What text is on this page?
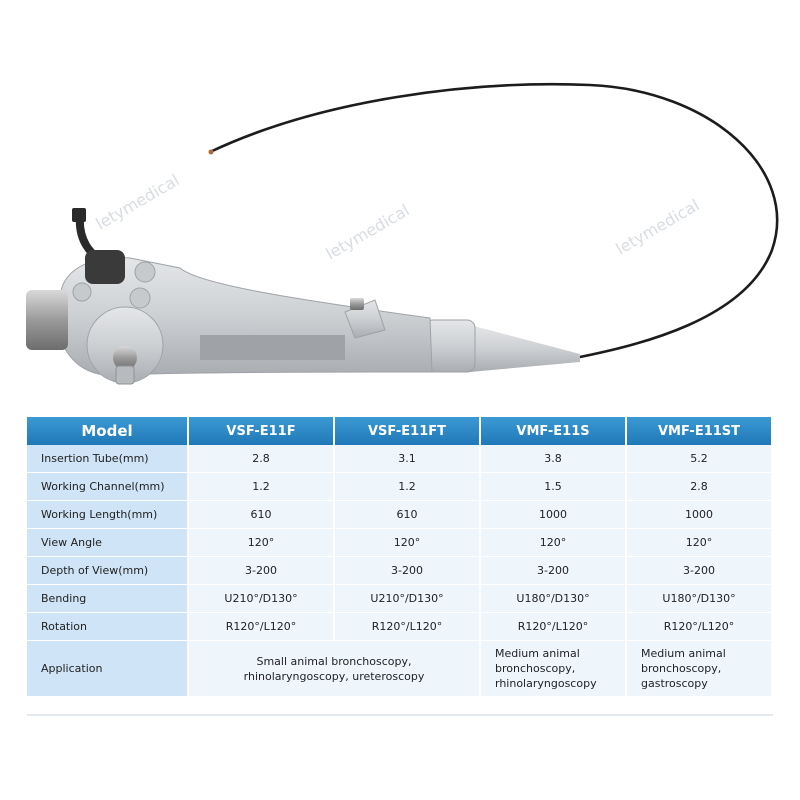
letymedical	letymedical
letymedical
Model	VSF-E11F	VSF-E11FT	VMF-E11S	VMF-E11ST
Insertion Tube(mm)	2.8	3.1	3.8	5.2
Working Channel(mm)	1.2	1.2	1.5	2.8
Working Length(mm)	610	610	1000	1000
View Angle	120°	120°	120°	120°
Depth of View(mm)	3-200	3-200	3-200	3-200
Bending	U210°/D130°	U210°/D130°	U180°/D130°	U180°/D130°
Rotation	R120°/L120°	R120°/L120°	R120°/L120°	R120°/L120°
Application	Small animal bronchoscopy, rhinolaryngoscopy, ureteroscopy		Medium animal bronchoscopy, rhinolaryngoscopy	Medium animal bronchoscopy, gastroscopy
